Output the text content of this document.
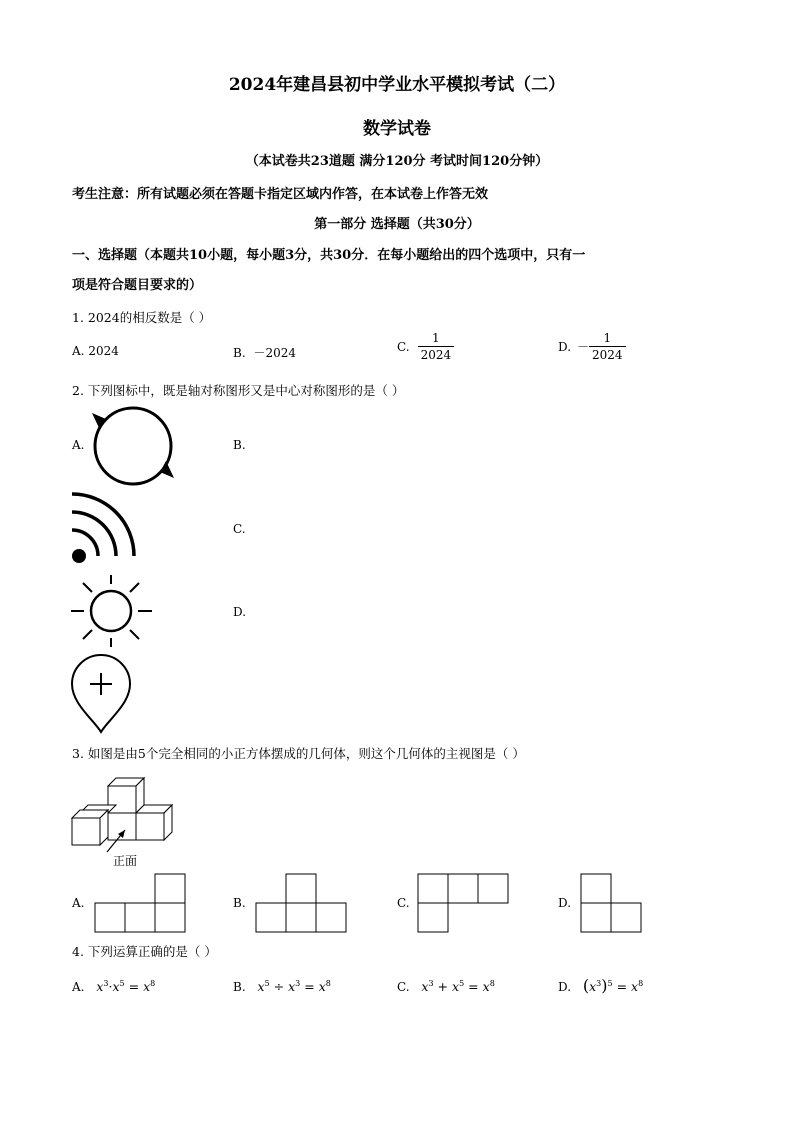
2024年建昌县初中学业水平模拟考试（二）
数学试卷
（本试卷共23道题 满分120分 考试时间120分钟）
考生注意：所有试题必须在答题卡指定区域内作答，在本试卷上作答无效
第一部分 选择题（共30分）
一、选择题（本题共10小题，每小题3分，共30分．在每小题给出的四个选项中，只有一
项是符合题目要求的）
1. 2024的相反数是（ ）
A. 2024	B. －2024	C. $\frac{1}{2024}$	D. － $\frac{1}{2024}$
2. 下列图标中，既是轴对称图形又是中心对称图形的是（ ）
A.	B.
C.
D.
3. 如图是由5个完全相同的小正方体摆成的几何体，则这个几何体的主视图是（ ）
正面
A.	B.	C.	D.
4. 下列运算正确的是（ ）
A. $x^3\cdot x^5 = x^8$	B. $x^5 \div x^3 = x^8$	C. $x^3 + x^5 = x^8$	D. $(x^3)^5 = x^8$
